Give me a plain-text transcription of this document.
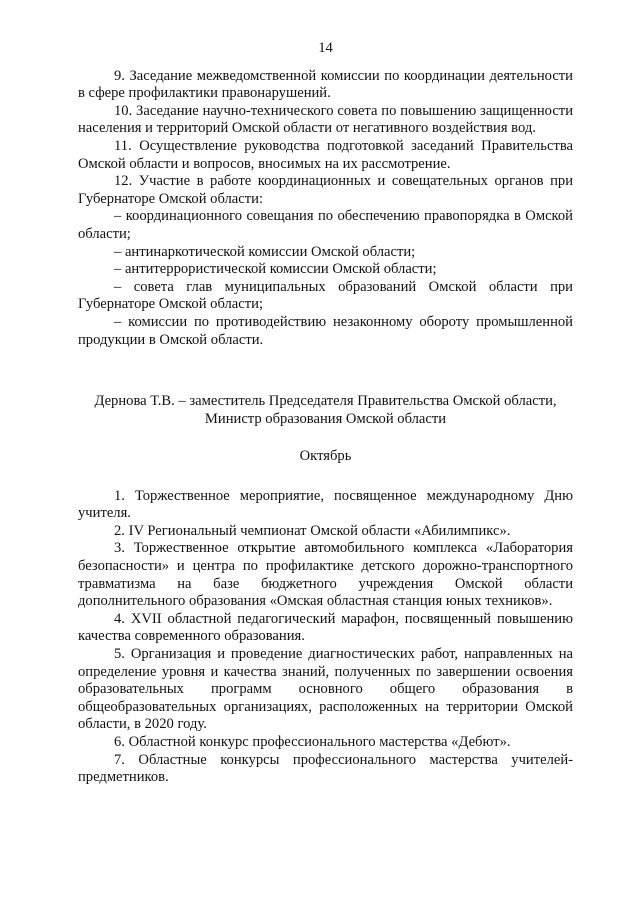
14

9. Заседание межведомственной комиссии по координации деятельности в сфере профилактики правонарушений.

10. Заседание научно-технического совета по повышению защищенности населения и территорий Омской области от негативного воздействия вод.

11. Осуществление руководства подготовкой заседаний Правительства Омской области и вопросов, вносимых на их рассмотрение.

12. Участие в работе координационных и совещательных органов при Губернаторе Омской области:

– координационного совещания по обеспечению правопорядка в Омской области;

– антинаркотической комиссии Омской области;

– антитеррористической комиссии Омской области;

– совета глав муниципальных образований Омской области при Губернаторе Омской области;

– комиссии по противодействию незаконному обороту промышленной продукции в Омской области.

Дернова Т.В. – заместитель Председателя Правительства Омской области,
Министр образования Омской области
Октябрь

1. Торжественное мероприятие, посвященное международному Дню учителя.

2. IV Региональный чемпионат Омской области «Абилимпикс».

3. Торжественное открытие автомобильного комплекса «Лаборатория безопасности» и центра по профилактике детского дорожно-транспортного травматизма на базе бюджетного учреждения Омской области дополнительного образования «Омская областная станция юных техников».

4. XVII областной педагогический марафон, посвященный повышению качества современного образования.

5. Организация и проведение диагностических работ, направленных на определение уровня и качества знаний, полученных по завершении освоения образовательных программ основного общего образования в общеобразовательных организациях, расположенных на территории Омской области, в 2020 году.

6. Областной конкурс профессионального мастерства «Дебют».

7. Областные конкурсы профессионального мастерства учителей-предметников.
